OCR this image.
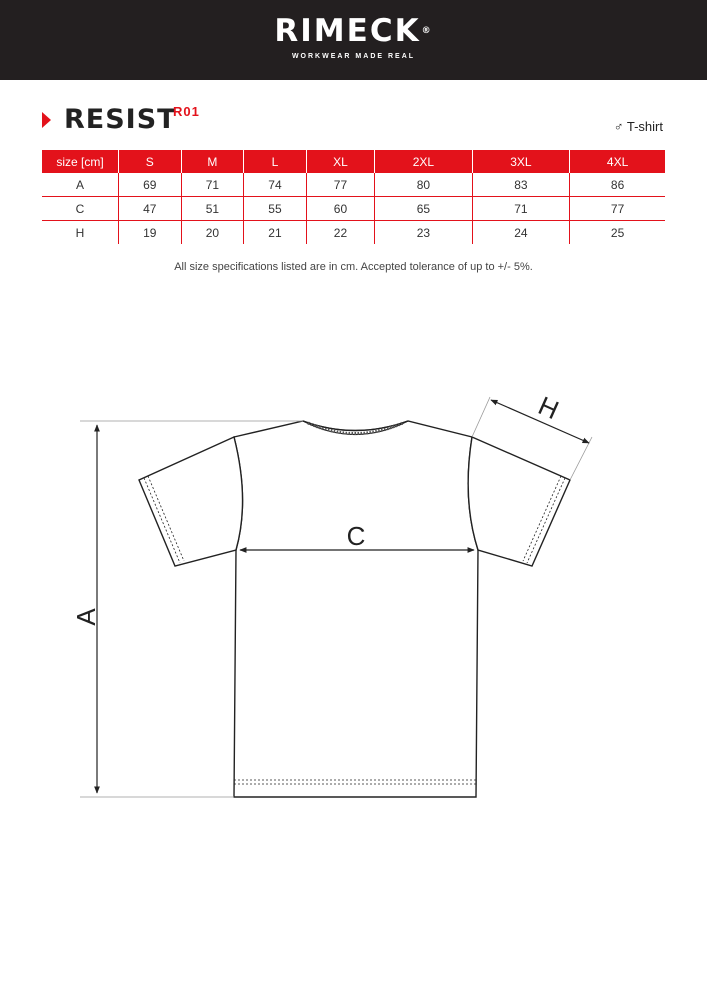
RIMECK®
WORKWEAR MADE REAL
RESIST
R01
♂ T-shirt
size [cm]	S	M	L	XL	2XL	3XL	4XL
A	69	71	74	77	80	83	86
C	47	51	55	60	65	71	77
H	19	20	21	22	23	24	25
All size specifications listed are in cm. Accepted tolerance of up to +/- 5%.
A
C
H
